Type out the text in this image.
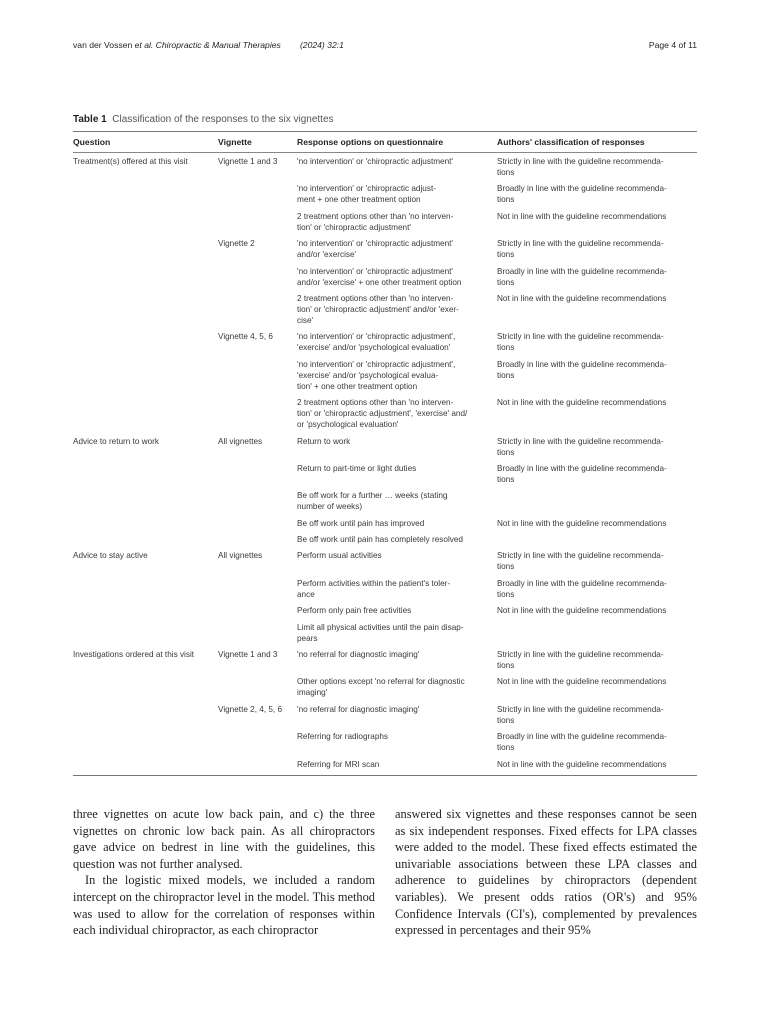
van der Vossen et al. Chiropractic & Manual Therapies (2024) 32:1	Page 4 of 11
Table 1 Classification of the responses to the six vignettes
Question	Vignette	Response options on questionnaire	Authors' classification of responses
Treatment(s) offered at this visit	Vignette 1 and 3	'no intervention' or 'chiropractic adjustment'	Strictly in line with the guideline recommenda-
tions
		'no intervention' or 'chiropractic adjust-
ment + one other treatment option	Broadly in line with the guideline recommenda-
tions
		2 treatment options other than 'no interven-
tion' or 'chiropractic adjustment'	Not in line with the guideline recommendations
	Vignette 2	'no intervention' or 'chiropractic adjustment'
and/or 'exercise'	Strictly in line with the guideline recommenda-
tions
		'no intervention' or 'chiropractic adjustment'
and/or 'exercise' + one other treatment option	Broadly in line with the guideline recommenda-
tions
		2 treatment options other than 'no interven-
tion' or 'chiropractic adjustment' and/or 'exer-
cise'	Not in line with the guideline recommendations
	Vignette 4, 5, 6	'no intervention' or 'chiropractic adjustment',
'exercise' and/or 'psychological evaluation'	Strictly in line with the guideline recommenda-
tions
		'no intervention' or 'chiropractic adjustment',
'exercise' and/or 'psychological evalua-
tion' + one other treatment option	Broadly in line with the guideline recommenda-
tions
		2 treatment options other than 'no interven-
tion' or 'chiropractic adjustment', 'exercise' and/
or 'psychological evaluation'	Not in line with the guideline recommendations
Advice to return to work	All vignettes	Return to work	Strictly in line with the guideline recommenda-
tions
		Return to part-time or light duties	Broadly in line with the guideline recommenda-
tions
		Be off work for a further … weeks (stating
number of weeks)	
		Be off work until pain has improved	Not in line with the guideline recommendations
		Be off work until pain has completely resolved	
Advice to stay active	All vignettes	Perform usual activities	Strictly in line with the guideline recommenda-
tions
		Perform activities within the patient's toler-
ance	Broadly in line with the guideline recommenda-
tions
		Perform only pain free activities	Not in line with the guideline recommendations
		Limit all physical activities until the pain disap-
pears	
Investigations ordered at this visit	Vignette 1 and 3	'no referral for diagnostic imaging'	Strictly in line with the guideline recommenda-
tions
		Other options except 'no referral for diagnostic
imaging'	Not in line with the guideline recommendations
	Vignette 2, 4, 5, 6	'no referral for diagnostic imaging'	Strictly in line with the guideline recommenda-
tions
		Referring for radiographs	Broadly in line with the guideline recommenda-
tions
		Referring for MRI scan	Not in line with the guideline recommendations

three vignettes on acute low back pain, and c) the three vignettes on chronic low back pain. As all chiropractors gave advice on bedrest in line with the guidelines, this question was not further analysed.

In the logistic mixed models, we included a random intercept on the chiropractor level in the model. This method was used to allow for the correlation of responses within each individual chiropractor, as each chiropractor

answered six vignettes and these responses cannot be seen as six independent responses. Fixed effects for LPA classes were added to the model. These fixed effects estimated the univariable associations between these LPA classes and adherence to guidelines by chiropractors (dependent variables). We present odds ratios (OR's) and 95% Confidence Intervals (CI's), complemented by prevalences expressed in percentages and their 95%
